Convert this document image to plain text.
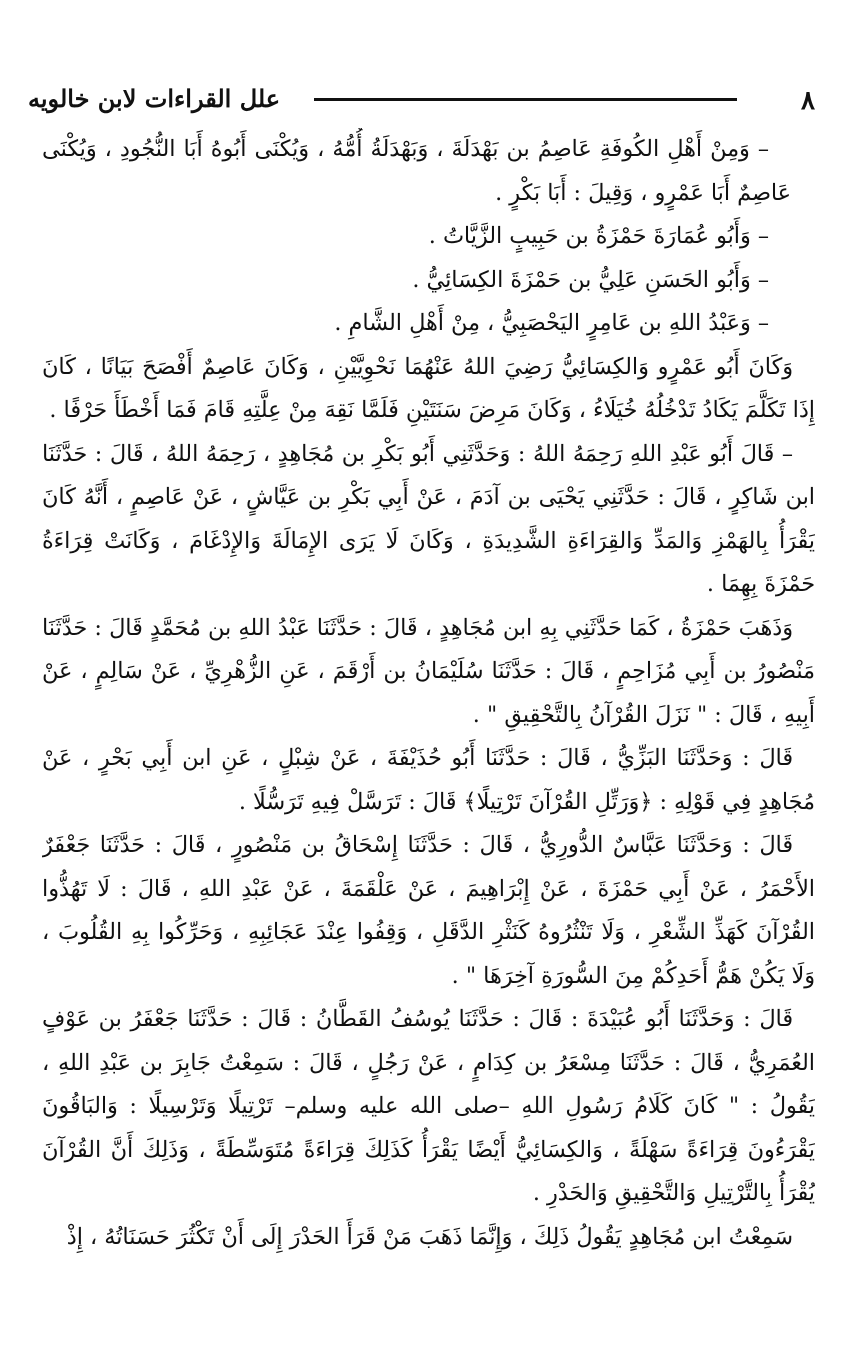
٨
علل القراءات لابن خالويه

– وَمِنْ أَهْلِ الكُوفَةِ عَاصِمُ بن بَهْدَلَةَ ، وَبَهْدَلَةُ أُمُّهُ ، وَيُكْنَى أَبُوهُ أَبَا النُّجُودِ ، وَيُكْنَى عَاصِمٌ أَبَا عَمْرٍو ، وَقِيلَ : أَبَا بَكْرٍ .

– وَأَبُو عُمَارَةَ حَمْزَةُ بن حَبِيبٍ الزَّيَّاتُ .

– وَأَبُو الحَسَنِ عَلِيُّ بن حَمْزَةَ الكِسَائِيُّ .

– وَعَبْدُ اللهِ بن عَامِرٍ اليَحْصَبِيُّ ، مِنْ أَهْلِ الشَّامِ .

وَكَانَ أَبُو عَمْرٍو وَالكِسَائِيُّ رَضِيَ اللهُ عَنْهُمَا نَحْوِيَّيْنِ ، وَكَانَ عَاصِمٌ أَفْصَحَ بَيَانًا ، كَانَ إِذَا تَكَلَّمَ يَكَادُ تَدْخُلُهُ خُيَلَاءُ ، وَكَانَ مَرِضَ سَنَتَيْنِ فَلَمَّا نَقِهَ مِنْ عِلَّتِهِ قَامَ فَمَا أَخْطَأَ حَرْفًا .

– قَالَ أَبُو عَبْدِ اللهِ رَحِمَهُ اللهُ : وَحَدَّثَنِي أَبُو بَكْرِ بن مُجَاهِدٍ ، رَحِمَهُ اللهُ ، قَالَ : حَدَّثَنَا ابن شَاكِرٍ ، قَالَ : حَدَّثَنِي يَحْيَى بن آدَمَ ، عَنْ أَبِي بَكْرِ بن عَيَّاشٍ ، عَنْ عَاصِمٍ ، أَنَّهُ كَانَ يَقْرَأُ بِالهَمْزِ وَالمَدِّ وَالقِرَاءَةِ الشَّدِيدَةِ ، وَكَانَ لَا يَرَى الإِمَالَةَ وَالإِدْغَامَ ، وَكَانَتْ قِرَاءَةُ حَمْزَةَ بِهِمَا .

وَذَهَبَ حَمْزَةُ ، كَمَا حَدَّثَنِي بِهِ ابن مُجَاهِدٍ ، قَالَ : حَدَّثَنَا عَبْدُ اللهِ بن مُحَمَّدٍ قَالَ : حَدَّثَنَا مَنْصُورُ بن أَبِي مُزَاحِمٍ ، قَالَ : حَدَّثَنَا سُلَيْمَانُ بن أَرْقَمَ ، عَنِ الزُّهْرِيِّ ، عَنْ سَالِمٍ ، عَنْ أَبِيهِ ، قَالَ : " نَزَلَ القُرْآنُ بِالتَّحْقِيقِ " .

قَالَ : وَحَدَّثَنَا البَزِّيُّ ، قَالَ : حَدَّثَنَا أَبُو حُذَيْفَةَ ، عَنْ شِبْلٍ ، عَنِ ابن أَبِي بَحْرٍ ، عَنْ مُجَاهِدٍ فِي قَوْلِهِ : ﴿وَرَتِّلِ القُرْآنَ تَرْتِيلًا﴾ قَالَ : تَرَسَّلْ فِيهِ تَرَسُّلًا .

قَالَ : وَحَدَّثَنَا عَبَّاسٌ الدُّورِيُّ ، قَالَ : حَدَّثَنَا إِسْحَاقُ بن مَنْصُورٍ ، قَالَ : حَدَّثَنَا جَعْفَرٌ الأَحْمَرُ ، عَنْ أَبِي حَمْزَةَ ، عَنْ إِبْرَاهِيمَ ، عَنْ عَلْقَمَةَ ، عَنْ عَبْدِ اللهِ ، قَالَ : لَا تَهُذُّوا القُرْآنَ كَهَذِّ الشِّعْرِ ، وَلَا تَنْثُرُوهُ كَنَثْرِ الدَّقَلِ ، وَقِفُوا عِنْدَ عَجَائِبِهِ ، وَحَرِّكُوا بِهِ القُلُوبَ ، وَلَا يَكُنْ هَمُّ أَحَدِكُمْ مِنَ السُّورَةِ آخِرَهَا " .

قَالَ : وَحَدَّثَنَا أَبُو عُبَيْدَةَ : قَالَ : حَدَّثَنَا يُوسُفُ القَطَّانُ : قَالَ : حَدَّثَنَا جَعْفَرُ بن عَوْفٍ العُمَرِيُّ ، قَالَ : حَدَّثَنَا مِسْعَرُ بن كِدَامٍ ، عَنْ رَجُلٍ ، قَالَ : سَمِعْتُ جَابِرَ بن عَبْدِ اللهِ ، يَقُولُ : " كَانَ كَلَامُ رَسُولِ اللهِ –صلى الله عليه وسلم– تَرْتِيلًا وَتَرْسِيلًا : وَالبَاقُونَ يَقْرَءُونَ قِرَاءَةً سَهْلَةً ، وَالكِسَائِيُّ أَيْضًا يَقْرَأُ كَذَلِكَ قِرَاءَةً مُتَوَسِّطَةً ، وَذَلِكَ أَنَّ القُرْآنَ يُقْرَأُ بِالتَّرْتِيلِ وَالتَّحْقِيقِ وَالحَدْرِ .

سَمِعْتُ ابن مُجَاهِدٍ يَقُولُ ذَلِكَ ، وَإِنَّمَا ذَهَبَ مَنْ قَرَأَ الحَدْرَ إِلَى أَنْ تَكْثُرَ حَسَنَاتُهُ ، إِذْ
